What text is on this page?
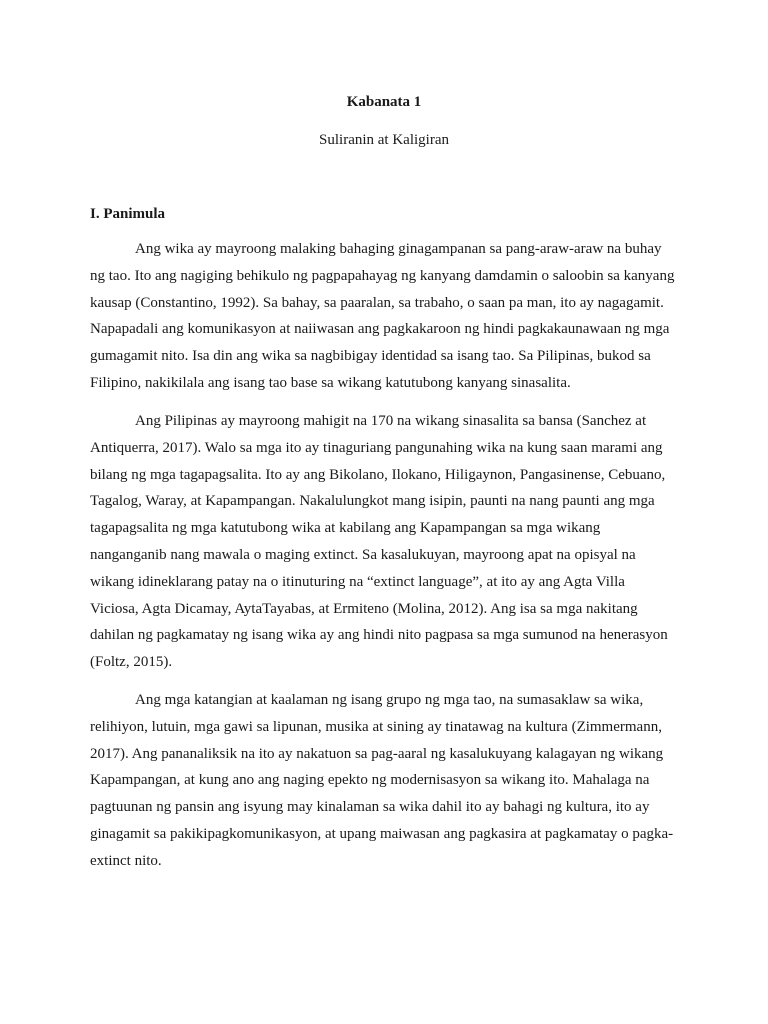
Kabanata 1

Suliranin at Kaligiran

I. Panimula
Ang wika ay mayroong malaking bahaging ginagampanan sa pang-araw-araw na buhay
ng tao. Ito ang nagiging behikulo ng pagpapahayag ng kanyang damdamin o saloobin sa kanyang
kausap (Constantino, 1992). Sa bahay, sa paaralan, sa trabaho, o saan pa man, ito ay nagagamit.
Napapadali ang komunikasyon at naiiwasan ang pagkakaroon ng hindi pagkakaunawaan ng mga
gumagamit nito. Isa din ang wika sa nagbibigay identidad sa isang tao. Sa Pilipinas, bukod sa
Filipino, nakikilala ang isang tao base sa wikang katutubong kanyang sinasalita.
Ang Pilipinas ay mayroong mahigit na 170 na wikang sinasalita sa bansa (Sanchez at
Antiquerra, 2017). Walo sa mga ito ay tinaguriang pangunahing wika na kung saan marami ang
bilang ng mga tagapagsalita. Ito ay ang Bikolano, Ilokano, Hiligaynon, Pangasinense, Cebuano,
Tagalog, Waray, at Kapampangan. Nakalulungkot mang isipin, paunti na nang paunti ang mga
tagapagsalita ng mga katutubong wika at kabilang ang Kapampangan sa mga wikang
nanganganib nang mawala o maging extinct. Sa kasalukuyan, mayroong apat na opisyal na
wikang idineklarang patay na o itinuturing na “extinct language”, at ito ay ang Agta Villa
Viciosa, Agta Dicamay, AytaTayabas, at Ermiteno (Molina, 2012). Ang isa sa mga nakitang
dahilan ng pagkamatay ng isang wika ay ang hindi nito pagpasa sa mga sumunod na henerasyon
(Foltz, 2015).
Ang mga katangian at kaalaman ng isang grupo ng mga tao, na sumasaklaw sa wika,
relihiyon, lutuin, mga gawi sa lipunan, musika at sining ay tinatawag na kultura (Zimmermann,
2017). Ang pananaliksik na ito ay nakatuon sa pag-aaral ng kasalukuyang kalagayan ng wikang
Kapampangan, at kung ano ang naging epekto ng modernisasyon sa wikang ito. Mahalaga na
pagtuunan ng pansin ang isyung may kinalaman sa wika dahil ito ay bahagi ng kultura, ito ay
ginagamit sa pakikipagkomunikasyon, at upang maiwasan ang pagkasira at pagkamatay o pagka-
extinct nito.
